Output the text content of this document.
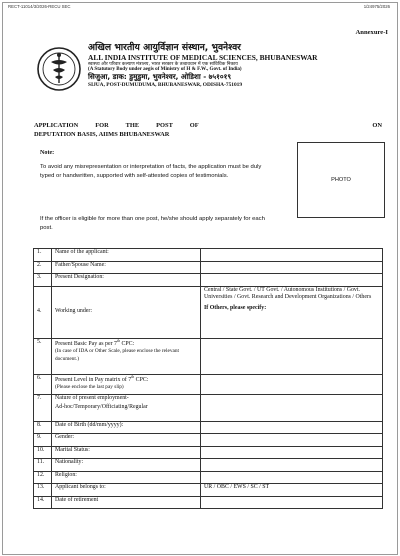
RECT-11014/3/2026-RECU SEC	1/24975/2026
Annexure-I
अखिल भारतीय आयुर्विज्ञान संस्थान, भुवनेश्वर
ALL INDIA INSTITUTE OF MEDICAL SCIENCES, BHUBANESWAR
स्वास्थ्य और परिवार कल्याण मंत्रालय, भारत सरकार के तत्वावधान में एक सांविधिक निकाय
(A Statutory Body under aegis of Ministry of H & F.W., Govt. of India)
सिजुआ, डाक: डुमुडुमा, भुवनेश्वर, ओडिशा - ७५१०१९
SIJUA, POST-DUMUDUMA, BHUBANESWAR, ODISHA-751019
APPLICATION	FOR	THE	POST	OF	ON
DEPUTATION BASIS, AIIMS BHUBANESWAR
Note:
To avoid any misrepresentation or interpretation of facts, the application must be duly typed or handwritten, supported with self-attested copies of testimonials.
If the officer is eligible for more than one post, he/she should apply separately for each post.
PHOTO
1.	Name of the applicant:	
2.	Father/Spouse Name:	
3.	Present Designation:	
4.	Working under:	Central / State Govt. / UT Govt. / Autonomous Institutions / Govt. Universities / Govt. Research and Development Organizations / Others
If Others, please specify:

5.	Present Basic Pay as per 7th CPC:
(In case of IDA or Other Scale, please enclose the relevant document.)	

6.	Present Level in Pay matrix of 7th CPC:
(Please enclose the last pay slip)	

7.	Nature of present employment-
Ad-hoc/Temporary/Officiating/Regular	

8.	Date of Birth (dd/mm/yyyy):	
9.	Gender:	
10.	Marital Status:	
11.	Nationality:	
12.	Religion:	
13.	Applicant belongs to:	UR / OBC / EWS / SC / ST
14.	Date of retirement	
